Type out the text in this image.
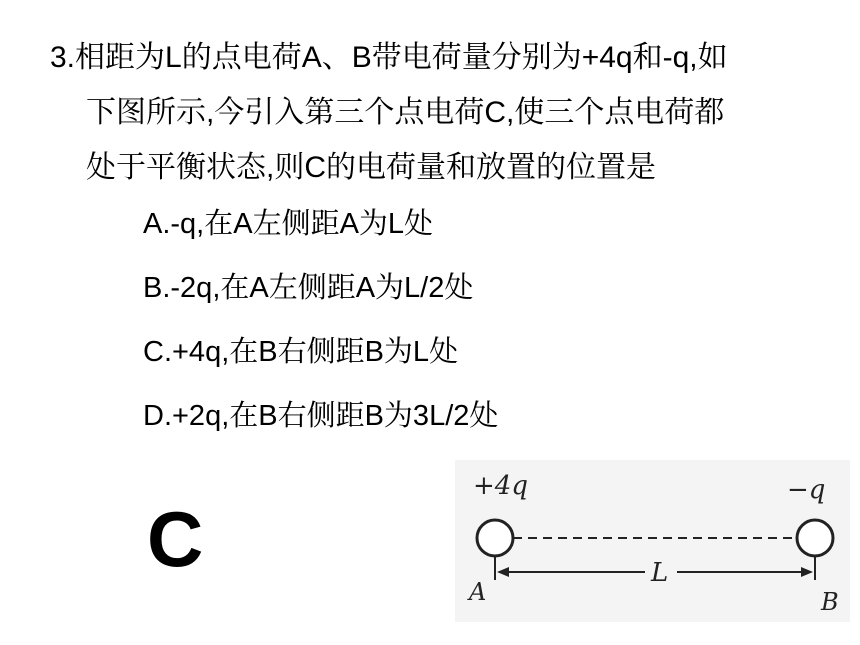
3.相距为L的点电荷A、B带电荷量分别为+4q和-q,如
下图所示,今引入第三个点电荷C,使三个点电荷都
处于平衡状态,则C的电荷量和放置的位置是
A.-q,在A左侧距A为L处
B.-2q,在A左侧距A为L/2处
C.+4q,在B右侧距B为L处
D.+2q,在B右侧距B为3L/2处
C
+4q	−q
A	B
L
